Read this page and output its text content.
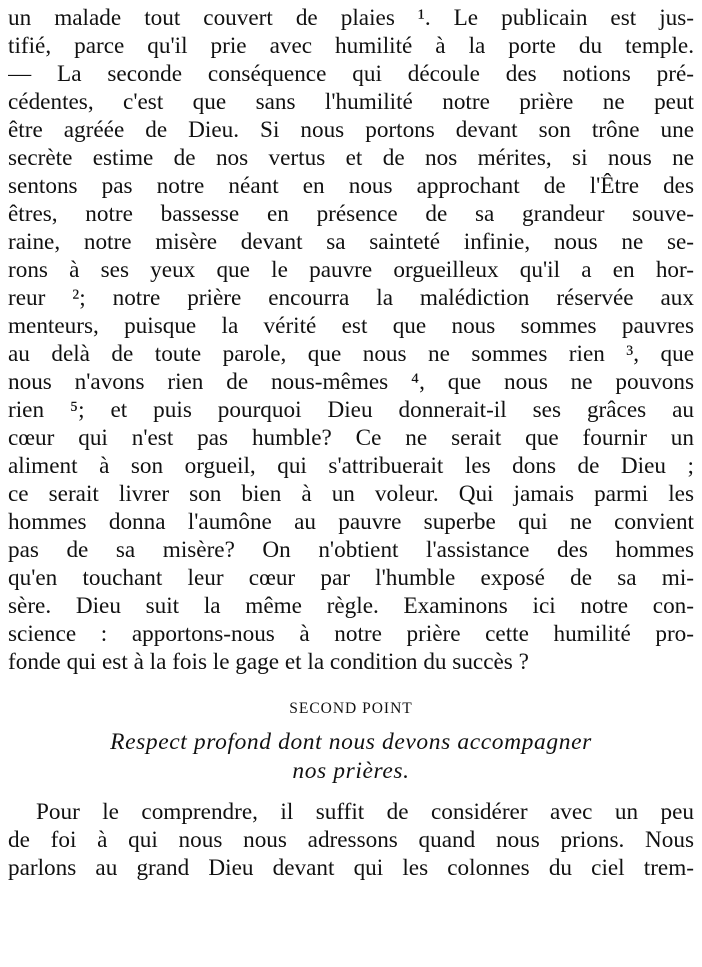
un malade tout couvert de plaies ¹. Le publicain est jus-
tifié, parce qu'il prie avec humilité à la porte du temple.
— La seconde conséquence qui découle des notions pré-
cédentes, c'est que sans l'humilité notre prière ne peut
être agréée de Dieu. Si nous portons devant son trône une
secrète estime de nos vertus et de nos mérites, si nous ne
sentons pas notre néant en nous approchant de l'Être des
êtres, notre bassesse en présence de sa grandeur souve-
raine, notre misère devant sa sainteté infinie, nous ne se-
rons à ses yeux que le pauvre orgueilleux qu'il a en hor-
reur ²; notre prière encourra la malédiction réservée aux
menteurs, puisque la vérité est que nous sommes pauvres
au delà de toute parole, que nous ne sommes rien ³, que
nous n'avons rien de nous-mêmes ⁴, que nous ne pouvons
rien ⁵; et puis pourquoi Dieu donnerait-il ses grâces au
cœur qui n'est pas humble? Ce ne serait que fournir un
aliment à son orgueil, qui s'attribuerait les dons de Dieu ;
ce serait livrer son bien à un voleur. Qui jamais parmi les
hommes donna l'aumône au pauvre superbe qui ne convient
pas de sa misère? On n'obtient l'assistance des hommes
qu'en touchant leur cœur par l'humble exposé de sa mi-
sère. Dieu suit la même règle. Examinons ici notre con-
science : apportons-nous à notre prière cette humilité pro-
fonde qui est à la fois le gage et la condition du succès ?
SECOND POINT
Respect profond dont nous devons accompagner
nos prières.
Pour le comprendre, il suffit de considérer avec un peu
de foi à qui nous nous adressons quand nous prions. Nous
parlons au grand Dieu devant qui les colonnes du ciel trem-
